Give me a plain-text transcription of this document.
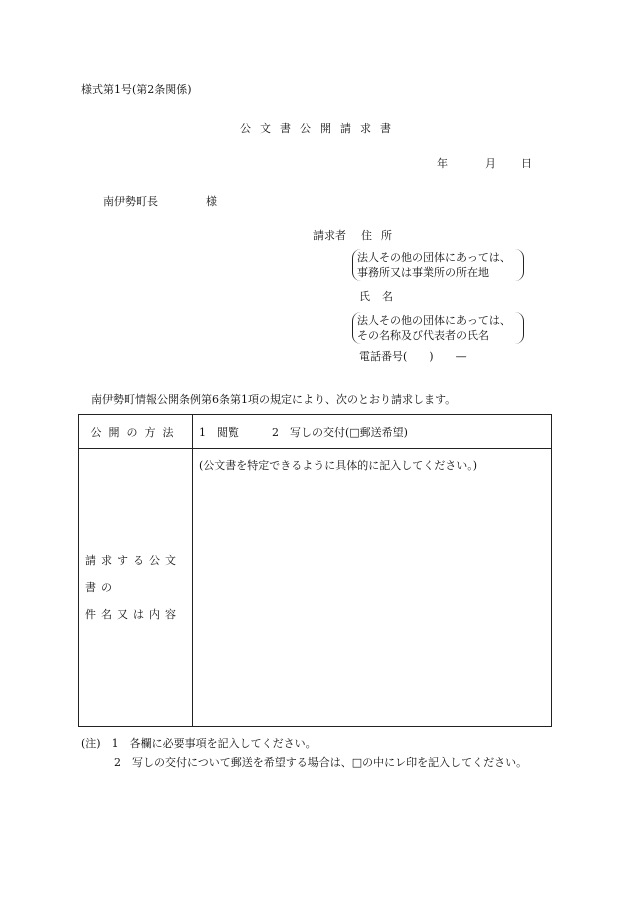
様式第1号(第2条関係)
公文書公開請求書
年	月 日
南伊勢町長	様
請求者 住所
法人その他の団体にあっては、
事務所又は事業所の所在地
氏名
法人その他の団体にあっては、
その名称及び代表者の氏名
電話番号(　　)　　—
南伊勢町情報公開条例第6条第1項の規定により、次のとおり請求します。
公開の方法	1　閲覧　　　2　写しの交付(□郵送希望)

請求する公文書の
件名又は内容	(公文書を特定できるように具体的に記入してください。)
(注)　1　各欄に必要事項を記入してください。
　　　2　写しの交付について郵送を希望する場合は、□の中にレ印を記入してください。
